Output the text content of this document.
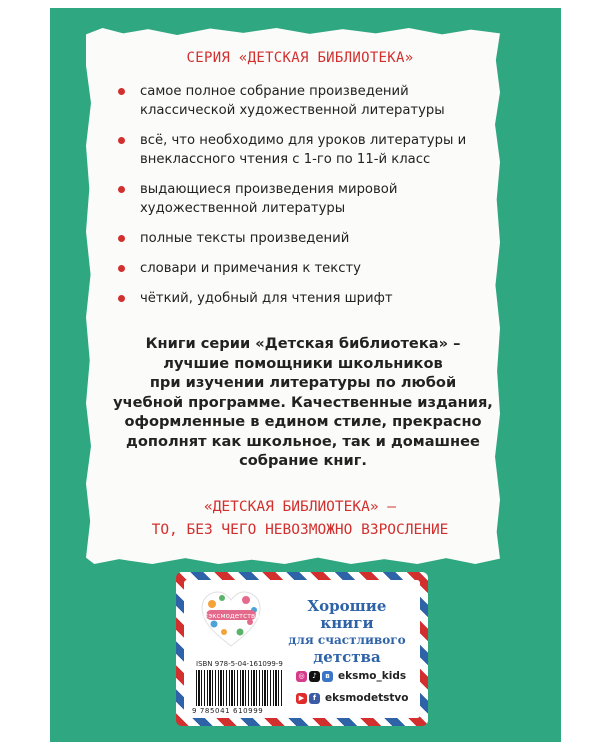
СЕРИЯ «ДЕТСКАЯ БИБЛИОТЕКА»
самое полное собрание произведений классической художественной литературы
всё, что необходимо для уроков литературы и внеклассного чтения с 1-го по 11-й класс
выдающиеся произведения мировой художественной литературы
полные тексты произведений
словари и примечания к тексту
чёткий, удобный для чтения шрифт
Книги серии «Детская библиотека» –
лучшие помощники школьников
при изучении литературы по любой
учебной программе. Качественные издания,
оформленные в едином стиле, прекрасно
дополнят как школьное, так и домашнее
собрание книг.
«ДЕТСКАЯ БИБЛИОТЕКА» –
ТО, БЕЗ ЧЕГО НЕВОЗМОЖНО ВЗРОСЛЕНИЕ
#эксмодетство
Хорошие
книги
для счастливого
детства
ISBN 978-5-04-161099-9
9 785041 610999
◎	♪	в eksmo_kids
▶	f eksmodetstvo
